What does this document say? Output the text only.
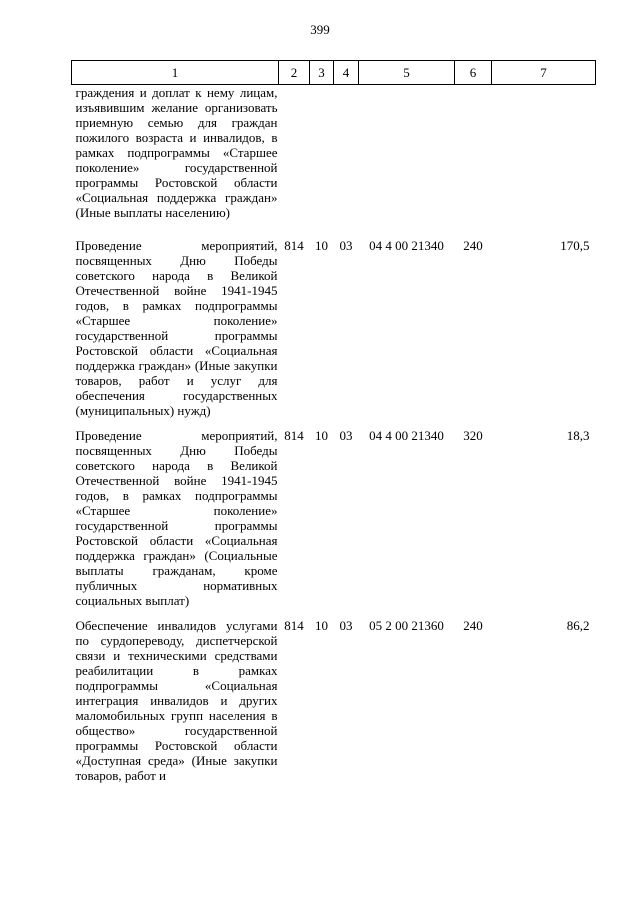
399
1	2	3	4	5	6	7
граждения и доплат к нему лицам, изъявившим желание организовать приемную семью для граждан пожилого возраста и инвалидов, в рамках подпрограммы «Старшее поколение» государственной программы Ростовской области «Социальная поддержка граждан» (Иные выплаты населению)						
Проведение мероприятий, посвященных Дню Победы советского народа в Великой Отечественной войне 1941-1945 годов, в рамках подпрограммы «Старшее поколение» государственной программы Ростовской области «Социальная поддержка граждан» (Иные закупки товаров, работ и услуг для обеспечения государственных (муниципальных) нужд)	814	10	03	04 4 00 21340	240	170,5
Проведение мероприятий, посвященных Дню Победы советского народа в Великой Отечественной войне 1941-1945 годов, в рамках подпрограммы «Старшее поколение» государственной программы Ростовской области «Социальная поддержка граждан» (Социальные выплаты гражданам, кроме публичных нормативных социальных выплат)	814	10	03	04 4 00 21340	320	18,3
Обеспечение инвалидов услугами по сурдопереводу, диспетчерской связи и техническими средствами реабилитации в рамках подпрограммы «Социальная интеграция инвалидов и других маломобильных групп населения в общество» государственной программы Ростовской области «Доступная среда» (Иные закупки товаров, работ и	814	10	03	05 2 00 21360	240	86,2
